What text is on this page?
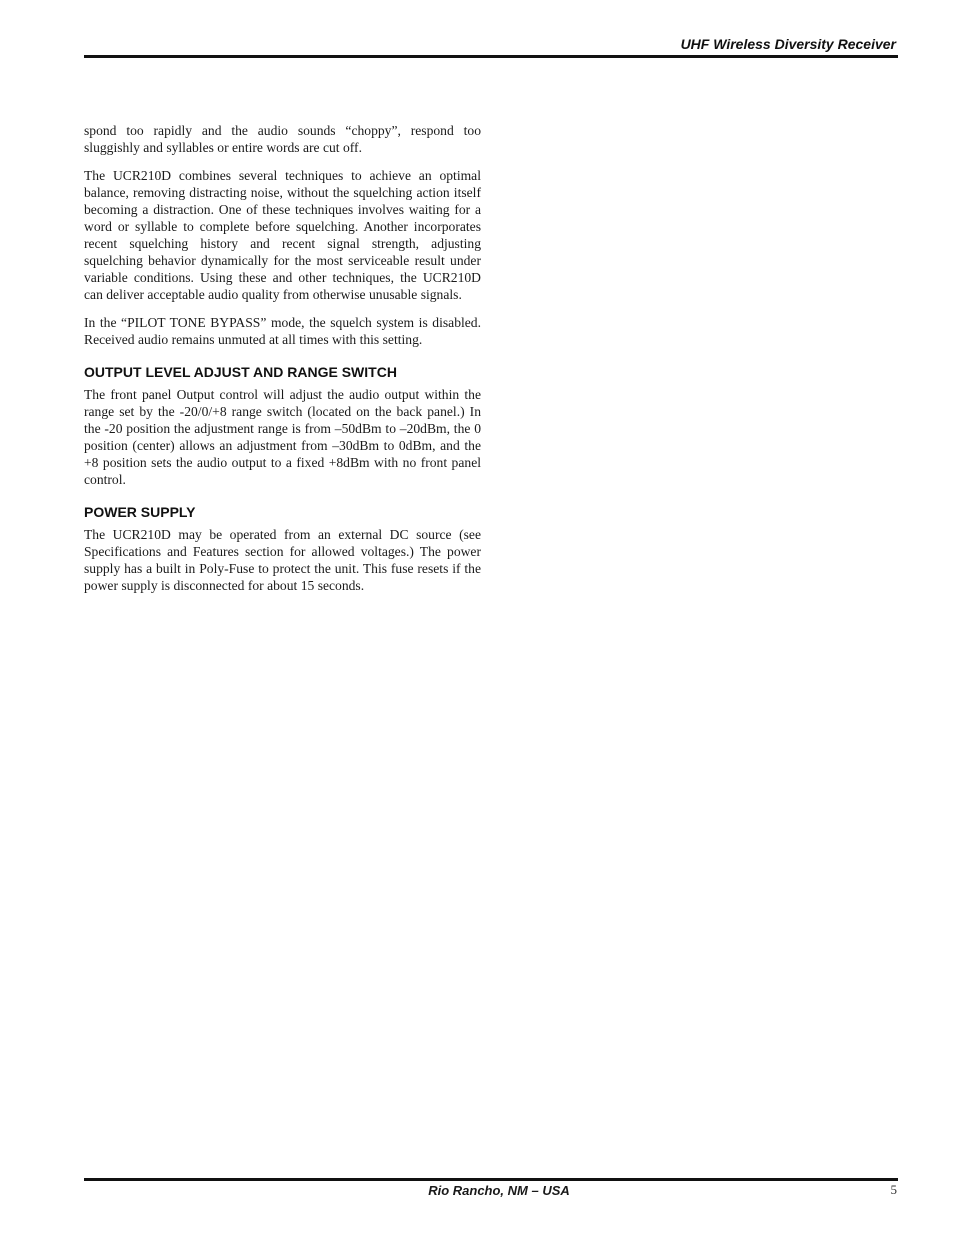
UHF Wireless Diversity Receiver

spond too rapidly and the audio sounds “choppy”, respond too sluggishly and syllables or entire words are cut off.

The UCR210D combines several techniques to achieve an optimal balance, removing distracting noise, without the squelching action itself becoming a distraction. One of these techniques involves waiting for a word or syllable to complete before squelching. Another incorporates recent squelching history and recent signal strength, adjusting squelching behavior dynamically for the most serviceable result under variable conditions. Using these and other techniques, the UCR210D can deliver acceptable audio quality from otherwise unusable signals.

In the “PILOT TONE BYPASS” mode, the squelch system is disabled. Received audio remains unmuted at all times with this setting.

OUTPUT LEVEL ADJUST AND RANGE SWITCH

The front panel Output control will adjust the audio output within the range set by the -20/0/+8 range switch (located on the back panel.) In the -20 position the adjustment range is from –50dBm to –20dBm, the 0 position (center) allows an adjustment from –30dBm to 0dBm, and the +8 position sets the audio output to a fixed +8dBm with no front panel control.

POWER SUPPLY

The UCR210D may be operated from an external DC source (see Specifications and Features section for allowed voltages.) The power supply has a built in Poly-Fuse to protect the unit. This fuse resets if the power supply is disconnected for about 15 seconds.

Rio Rancho, NM – USA	5
